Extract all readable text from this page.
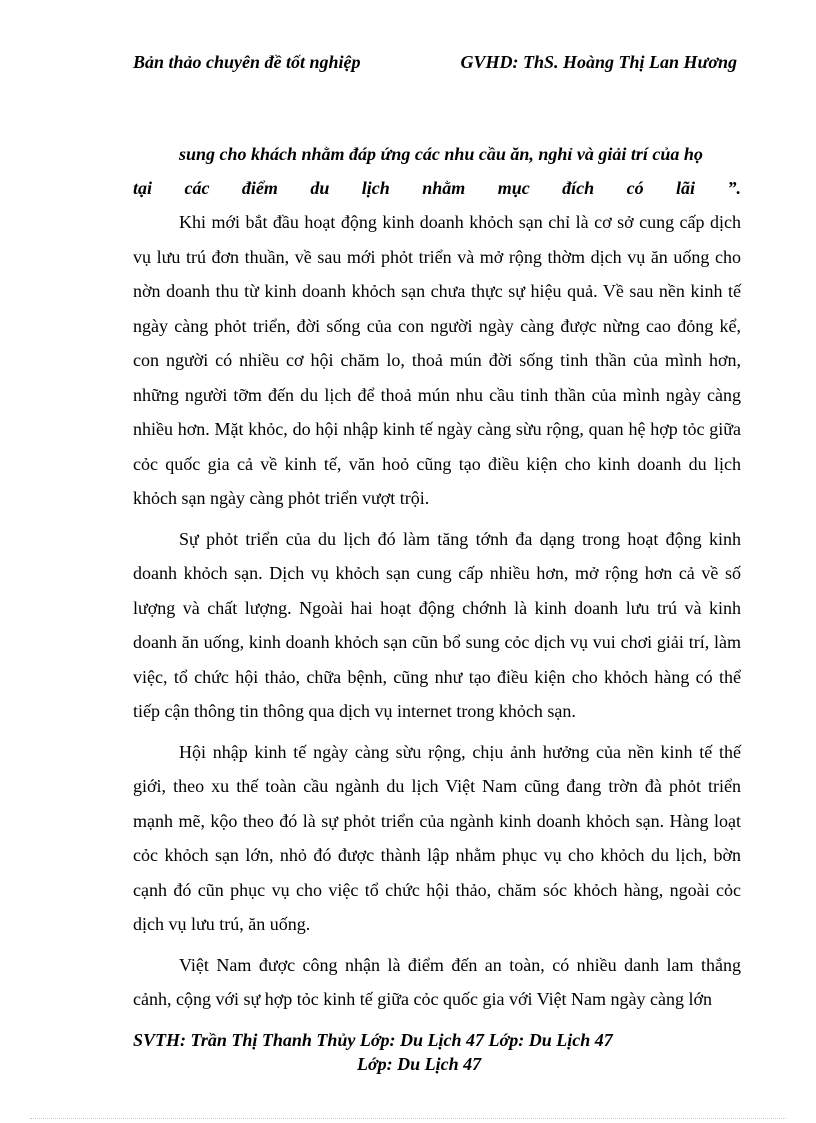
Bản thảo chuyên đề tốt nghiệp	GVHD: ThS. Hoàng Thị Lan Hương
sung cho khách nhằm đáp ứng các nhu cầu ăn, nghỉ và giải trí của họ
tại các điểm du lịch nhằm mục đích có lãi ”.

Khi mới bắt đầu hoạt động kinh doanh khỏch sạn chỉ là cơ sở cung cấp dịch vụ lưu trú đơn thuần, về sau mới phỏt triển và mở rộng thờm dịch vụ ăn uống cho nờn doanh thu từ kinh doanh khỏch sạn chưa thực sự hiệu quả. Về sau nền kinh tế ngày càng phỏt triển, đời sống của con người ngày càng được nừng cao đỏng kể, con người có nhiều cơ hội chăm lo, thoả mún đời sống tinh thần của mình hơn, những người tỡm đến du lịch để thoả mún nhu cầu tinh thần của mình ngày càng nhiều hơn. Mặt khỏc, do hội nhập kinh tế ngày càng sừu rộng, quan hệ hợp tỏc giữa cỏc quốc gia cả về kinh tế, văn hoỏ cũng tạo điều kiện cho kinh doanh du lịch khỏch sạn ngày càng phỏt triển vượt trội.

Sự phỏt triển của du lịch đó làm tăng tớnh đa dạng trong hoạt động kinh doanh khỏch sạn. Dịch vụ khỏch sạn cung cấp nhiều hơn, mở rộng hơn cả về số lượng và chất lượng. Ngoài hai hoạt động chớnh là kinh doanh lưu trú và kinh doanh ăn uống, kinh doanh khỏch sạn cũn bổ sung cỏc dịch vụ vui chơi giải trí, làm việc, tổ chức hội thảo, chữa bệnh, cũng như tạo điều kiện cho khỏch hàng có thể tiếp cận thông tin thông qua dịch vụ internet trong khỏch sạn.

Hội nhập kinh tế ngày càng sừu rộng, chịu ảnh hưởng của nền kinh tế thế giới, theo xu thế toàn cầu ngành du lịch Việt Nam cũng đang trờn đà phỏt triển mạnh mẽ, kộo theo đó là sự phỏt triển của ngành kinh doanh khỏch sạn. Hàng loạt cỏc khỏch sạn lớn, nhỏ đó được thành lập nhằm phục vụ cho khỏch du lịch, bờn cạnh đó cũn phục vụ cho việc tổ chức hội thảo, chăm sóc khỏch hàng, ngoài cỏc dịch vụ lưu trú, ăn uống.

Việt Nam được công nhận là điểm đến an toàn, có nhiều danh lam thắng cảnh, cộng với sự hợp tỏc kinh tế giữa cỏc quốc gia với Việt Nam ngày càng lớn

SVTH: Trần Thị Thanh Thủy Lớp: Du Lịch 47 Lớp: Du Lịch 47
Lớp: Du Lịch 47
